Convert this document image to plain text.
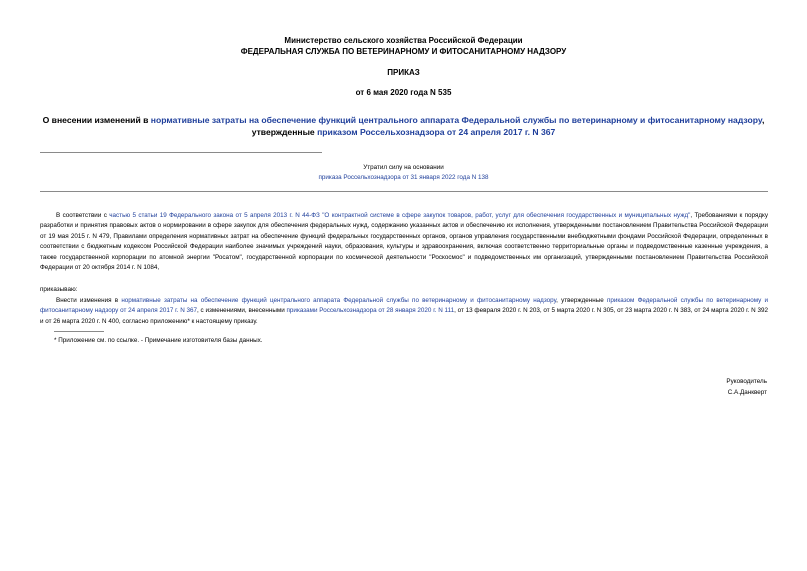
Министерство сельского хозяйства Российской Федерации
ФЕДЕРАЛЬНАЯ СЛУЖБА ПО ВЕТЕРИНАРНОМУ И ФИТОСАНИТАРНОМУ НАДЗОРУ
ПРИКАЗ
от 6 мая 2020 года N 535
О внесении изменений в нормативные затраты на обеспечение функций центрального аппарата Федеральной службы по ветеринарному и фитосанитарному надзору, утвержденные приказом Россельхознадзора от 24 апреля 2017 г. N 367
Утратил силу на основании
приказа Россельхознадзора от 31 января 2022 года N 138
В соответствии с частью 5 статьи 19 Федерального закона от 5 апреля 2013 г. N 44-ФЗ "О контрактной системе в сфере закупок товаров, работ, услуг для обеспечения государственных и муниципальных нужд", Требованиями к порядку разработки и принятия правовых актов о нормировании в сфере закупок для обеспечения федеральных нужд, содержанию указанных актов и обеспечению их исполнения, утвержденными постановлением Правительства Российской Федерации от 19 мая 2015 г. N 479, Правилами определения нормативных затрат на обеспечение функций федеральных государственных органов, органов управления государственными внебюджетными фондами Российской Федерации, определенных в соответствии с бюджетным кодексом Российской Федерации наиболее значимых учреждений науки, образования, культуры и здравоохранения, включая соответственно территориальные органы и подведомственные казенные учреждения, а также государственной корпорации по атомной энергии "Росатом", государственной корпорации по космической деятельности "Роскосмос" и подведомственных им организаций, утвержденными постановлением Правительства Российской Федерации от 20 октября 2014 г. N 1084,
приказываю:
Внести изменения в нормативные затраты на обеспечение функций центрального аппарата Федеральной службы по ветеринарному и фитосанитарному надзору, утвержденные приказом Федеральной службы по ветеринарному и фитосанитарному надзору от 24 апреля 2017 г. N 367, с изменениями, внесенными приказами Россельхознадзора от 28 января 2020 г. N 111, от 13 февраля 2020 г. N 203, от 5 марта 2020 г. N 305, от 23 марта 2020 г. N 383, от 24 марта 2020 г. N 392 и от 26 марта 2020 г. N 400, согласно приложению* к настоящему приказу.
* Приложение см. по ссылке. - Примечание изготовителя базы данных.
Руководитель
С.А.Данкверт
